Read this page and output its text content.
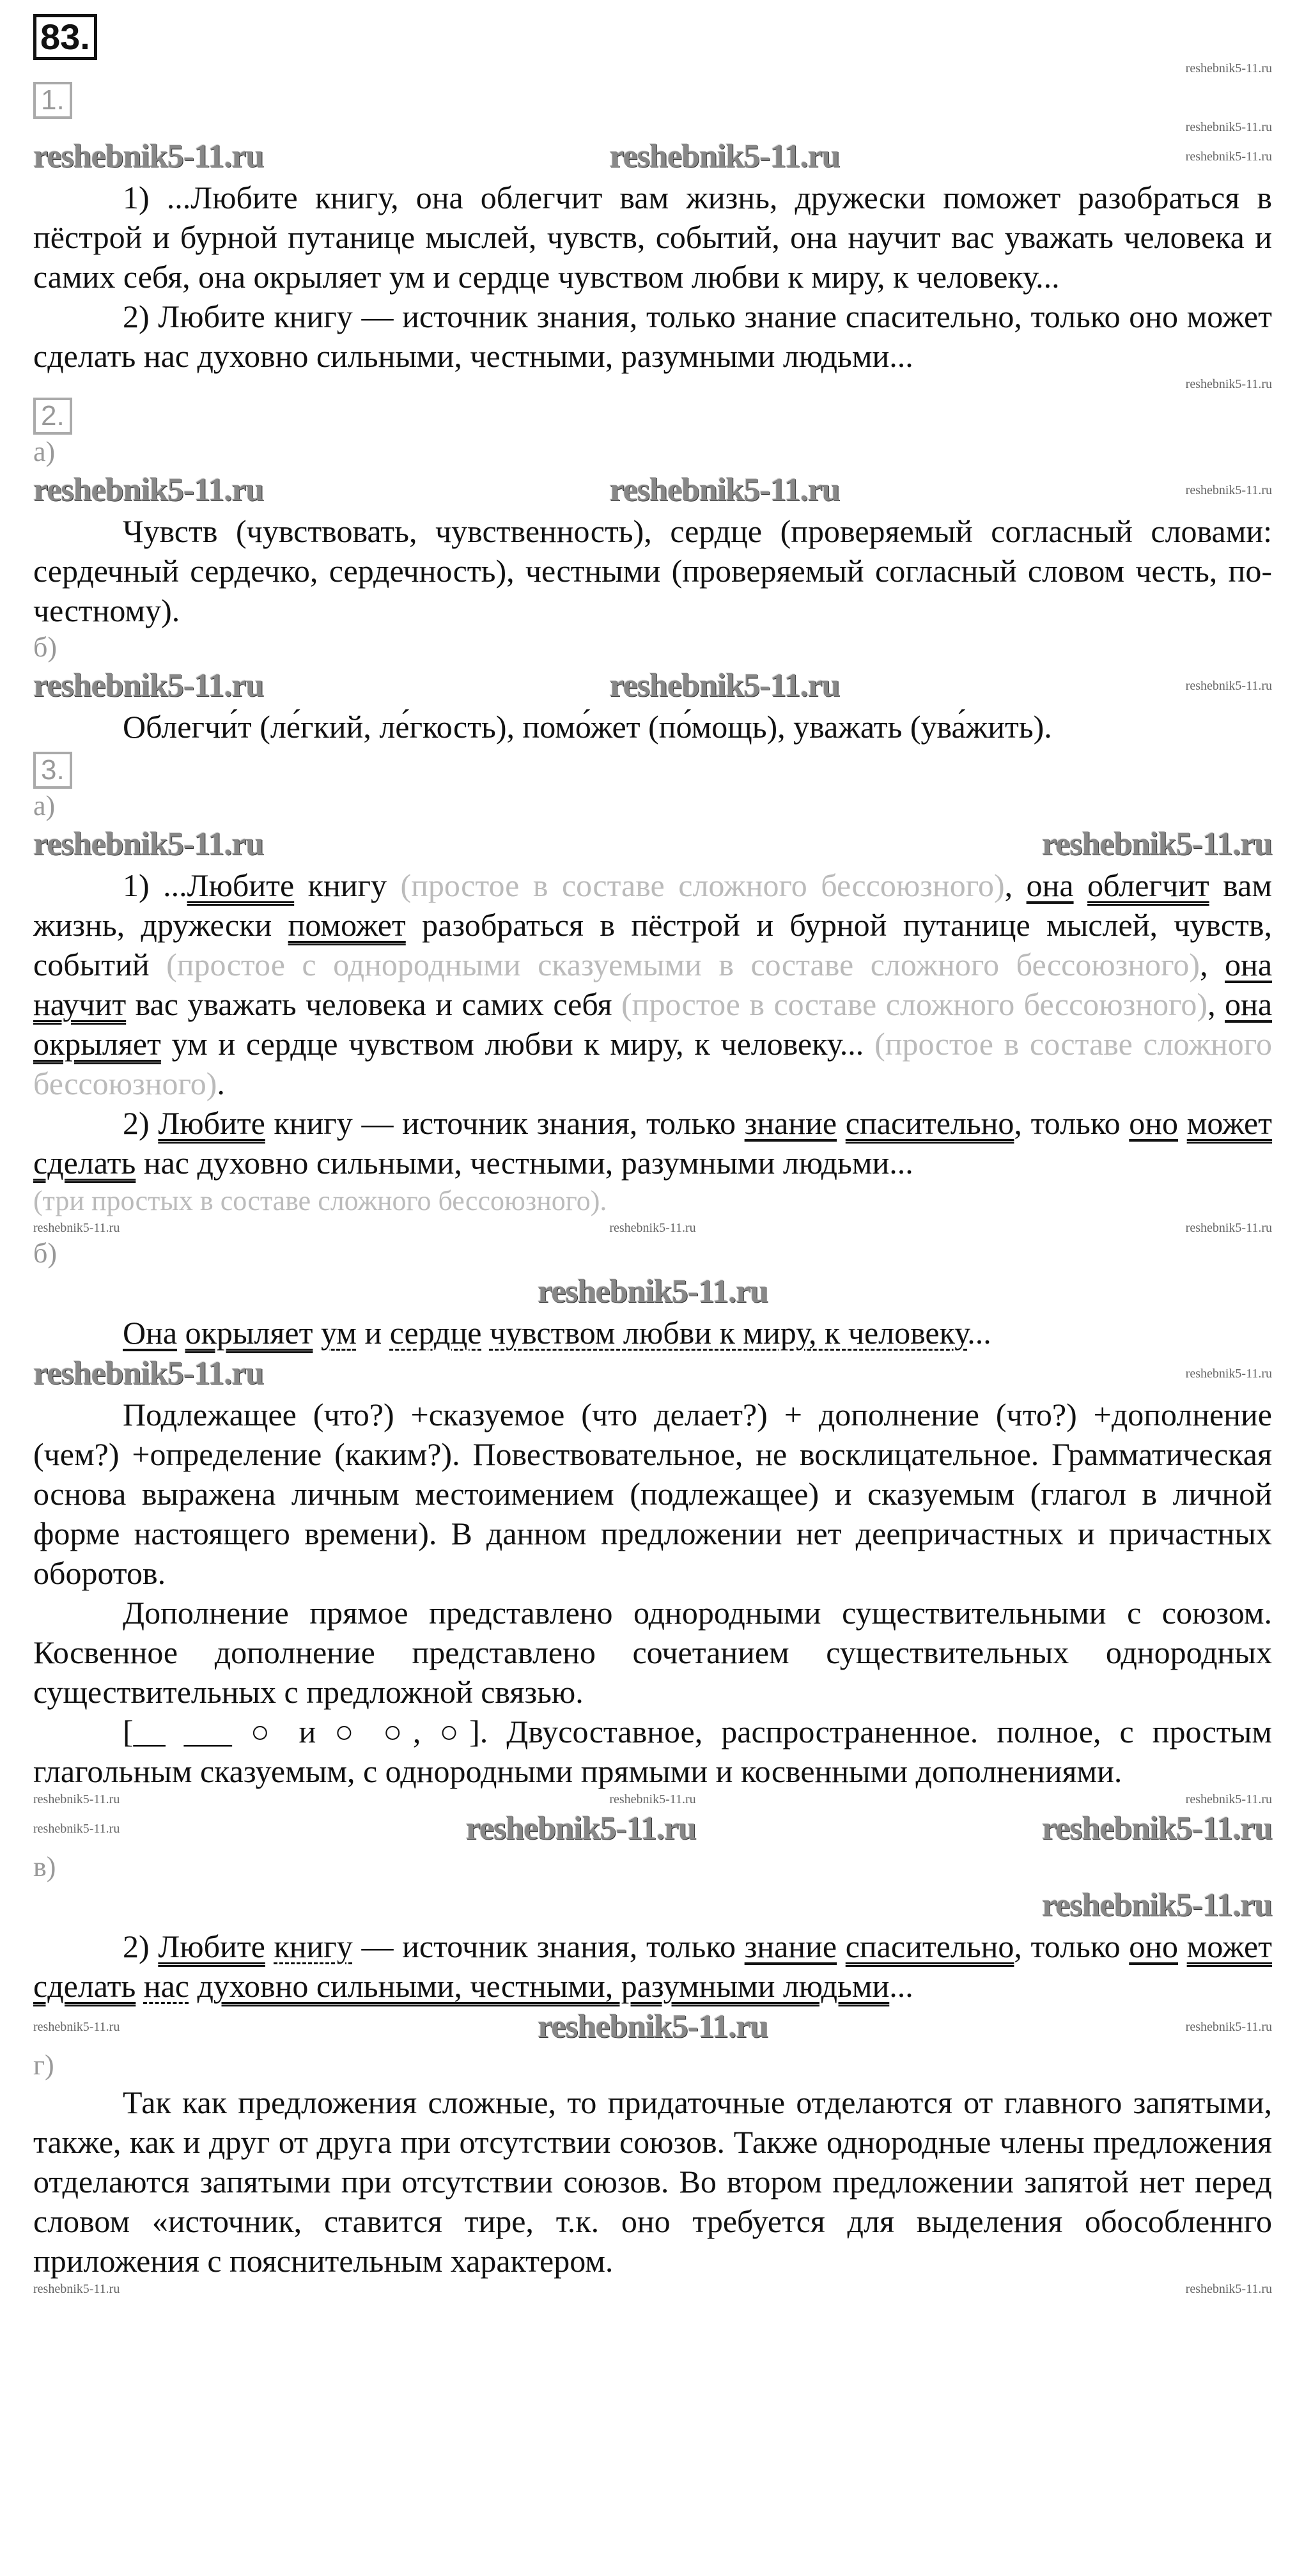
83.
reshebnik5-11.ru
1.
reshebnik5-11.ru
reshebnik5-11.ru	reshebnik5-11.ru	reshebnik5-11.ru

1) ...Любите книгу, она облегчит вам жизнь, дружески поможет разобраться в пёстрой и бурной путанице мыслей, чувств, событий, она научит вас уважать человека и самих себя, она окрыляет ум и сердце чувством любви к миру, к человеку...

2) Любите книгу — источник знания, только знание спасительно, только оно может сделать нас духовно сильными, честными, разумными людьми...

reshebnik5-11.ru
2.
а)
reshebnik5-11.ru	reshebnik5-11.ru	reshebnik5-11.ru

Чувств (чувствовать, чувственность), сердце (проверяемый согласный словами: сердечный сердечко, сердечность), честными (проверяемый согласный словом честь, по-честному).

б)
reshebnik5-11.ru	reshebnik5-11.ru	reshebnik5-11.ru

Облегчи́т (ле́гкий, ле́гкость), помо́жет (по́мощь), уважать (ува́жить).

3.
а)
reshebnik5-11.ru	reshebnik5-11.ru

1) ...Любите книгу (простое в составе сложного бессоюзного), она облегчит вам жизнь, дружески поможет разобраться в пёстрой и бурной путанице мыслей, чувств, событий (простое с однородными сказуемыми в составе сложного бессоюзного), она научит вас уважать человека и самих себя (простое в составе сложного бессоюзного), она окрыляет ум и сердце чувством любви к миру, к человеку... (простое в составе сложного бессоюзного).

2) Любите книгу — источник знания, только знание спасительно, только оно может сделать нас духовно сильными, честными, разумными людьми...

(три простых в составе сложного бессоюзного).
reshebnik5-11.ru	reshebnik5-11.ru	reshebnik5-11.ru
б)
reshebnik5-11.ru

Она окрыляет ум и сердце чувством любви к миру, к человеку...

reshebnik5-11.ru	reshebnik5-11.ru

Подлежащее (что?) +сказуемое (что делает?) + дополнение (что?) +дополнение (чем?) +определение (каким?). Повествовательное, не восклицательное. Грамматическая основа выражена личным местоимением (подлежащее) и сказуемым (глагол в личной форме настоящего времени). В данном предложении нет деепричастных и причастных оборотов.

Дополнение прямое представлено однородными существительными с союзом. Косвенное дополнение представлено сочетанием существительных однородных существительных с предложной связью.

[__ ___ ○ и ○ ○, ○]. Двусоставное, распространенное. полное, с простым глагольным сказуемым, с однородными прямыми и косвенными дополнениями.

reshebnik5-11.ru	reshebnik5-11.ru	reshebnik5-11.ru
reshebnik5-11.ru	reshebnik5-11.ru	reshebnik5-11.ru
в)
reshebnik5-11.ru

2) Любите книгу — источник знания, только знание спасительно, только оно может сделать нас духовно сильными, честными, разумными людьми...

reshebnik5-11.ru	reshebnik5-11.ru	reshebnik5-11.ru
г)

Так как предложения сложные, то придаточные отделаются от главного запятыми, также, как и друг от друга при отсутствии союзов. Также однородные члены предложения отделаются запятыми при отсутствии союзов. Во втором предложении запятой нет перед словом «источник, ставится тире, т.к. оно требуется для выделения обособленнго приложения с пояснительным характером.

reshebnik5-11.ru	reshebnik5-11.ru
